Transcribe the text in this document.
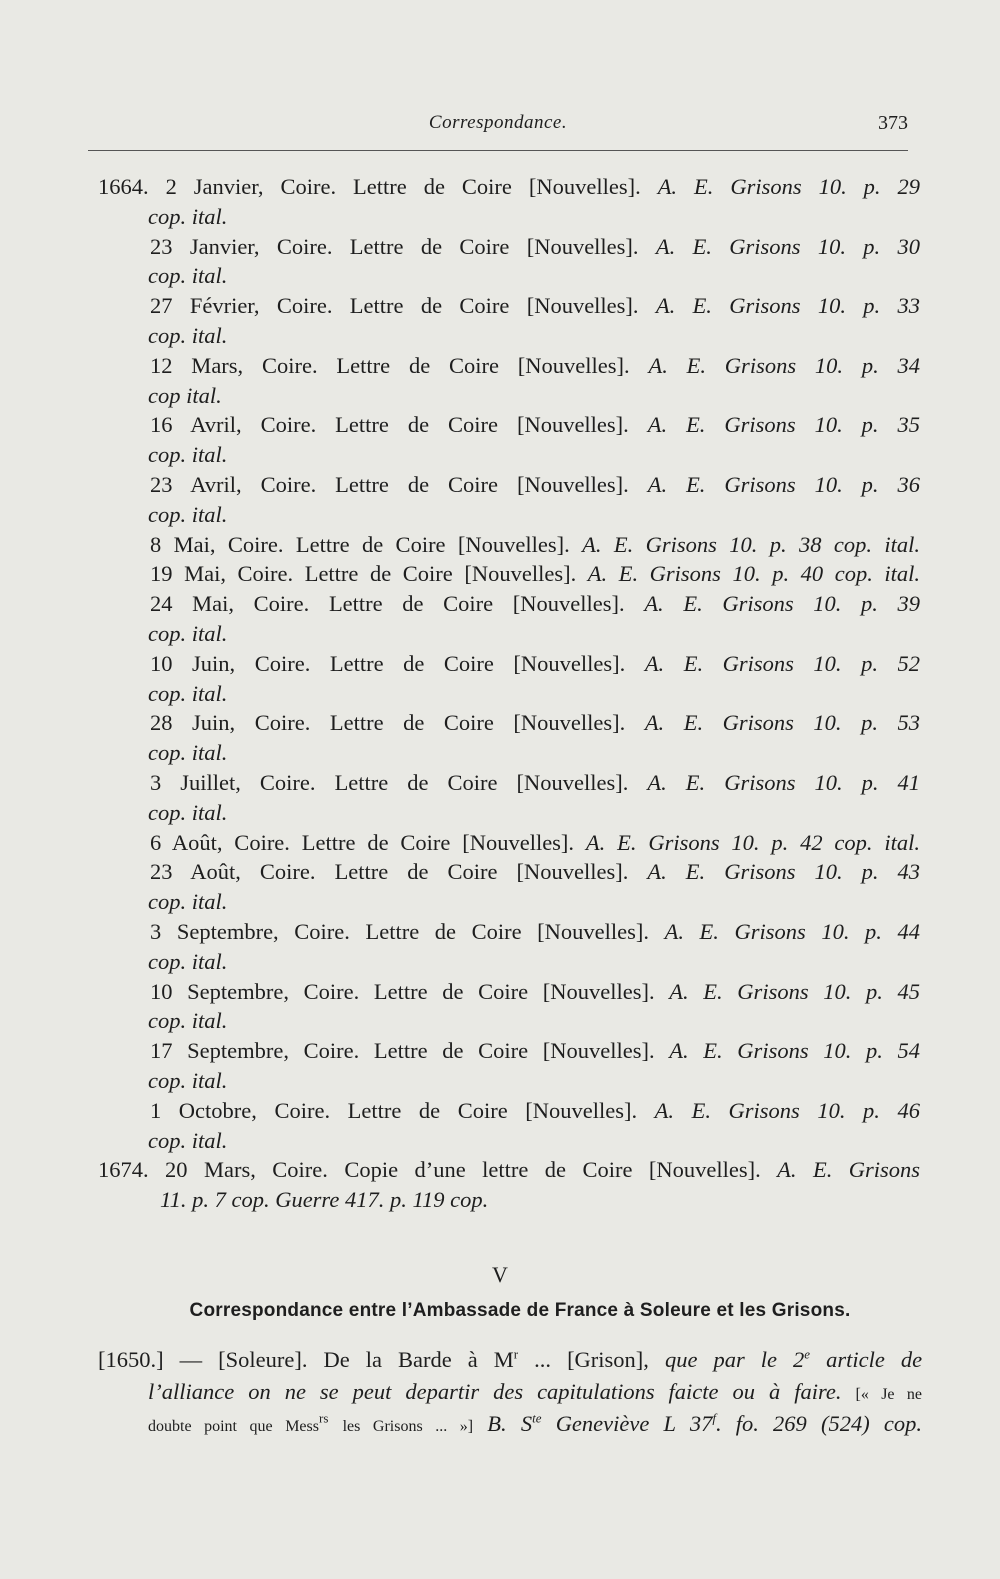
Correspondance.	373
1664. 2 Janvier, Coire. Lettre de Coire [Nouvelles]. A. E. Grisons 10. p. 29
cop. ital.
23 Janvier, Coire. Lettre de Coire [Nouvelles]. A. E. Grisons 10. p. 30
cop. ital.
27 Février, Coire. Lettre de Coire [Nouvelles]. A. E. Grisons 10. p. 33
cop. ital.
12 Mars, Coire. Lettre de Coire [Nouvelles]. A. E. Grisons 10. p. 34
cop ital.
16 Avril, Coire. Lettre de Coire [Nouvelles]. A. E. Grisons 10. p. 35
cop. ital.
23 Avril, Coire. Lettre de Coire [Nouvelles]. A. E. Grisons 10. p. 36
cop. ital.
8 Mai, Coire. Lettre de Coire [Nouvelles]. A. E. Grisons 10. p. 38 cop. ital.
19 Mai, Coire. Lettre de Coire [Nouvelles]. A. E. Grisons 10. p. 40 cop. ital.
24 Mai, Coire. Lettre de Coire [Nouvelles]. A. E. Grisons 10. p. 39
cop. ital.
10 Juin, Coire. Lettre de Coire [Nouvelles]. A. E. Grisons 10. p. 52
cop. ital.
28 Juin, Coire. Lettre de Coire [Nouvelles]. A. E. Grisons 10. p. 53
cop. ital.
3 Juillet, Coire. Lettre de Coire [Nouvelles]. A. E. Grisons 10. p. 41
cop. ital.
6 Août, Coire. Lettre de Coire [Nouvelles]. A. E. Grisons 10. p. 42 cop. ital.
23 Août, Coire. Lettre de Coire [Nouvelles]. A. E. Grisons 10. p. 43
cop. ital.
3 Septembre, Coire. Lettre de Coire [Nouvelles]. A. E. Grisons 10. p. 44
cop. ital.
10 Septembre, Coire. Lettre de Coire [Nouvelles]. A. E. Grisons 10. p. 45
cop. ital.
17 Septembre, Coire. Lettre de Coire [Nouvelles]. A. E. Grisons 10. p. 54
cop. ital.
1 Octobre, Coire. Lettre de Coire [Nouvelles]. A. E. Grisons 10. p. 46
cop. ital.
1674. 20 Mars, Coire. Copie d’une lettre de Coire [Nouvelles]. A. E. Grisons
11. p. 7 cop. Guerre 417. p. 119 cop.
V
Correspondance entre l’Ambassade de France à Soleure et les Grisons.
[1650.] — [Soleure]. De la Barde à $M^r$ ... [Grison], que par le 2e article de
l’alliance on ne se peut departir des capitulations faicte ou à faire. [« Je ne
doubte point que Mess$^{rs}$ les Grisons ... »] B. $S^{te}$ Geneviève L 37$^f$. fo. 269 (524) cop.
